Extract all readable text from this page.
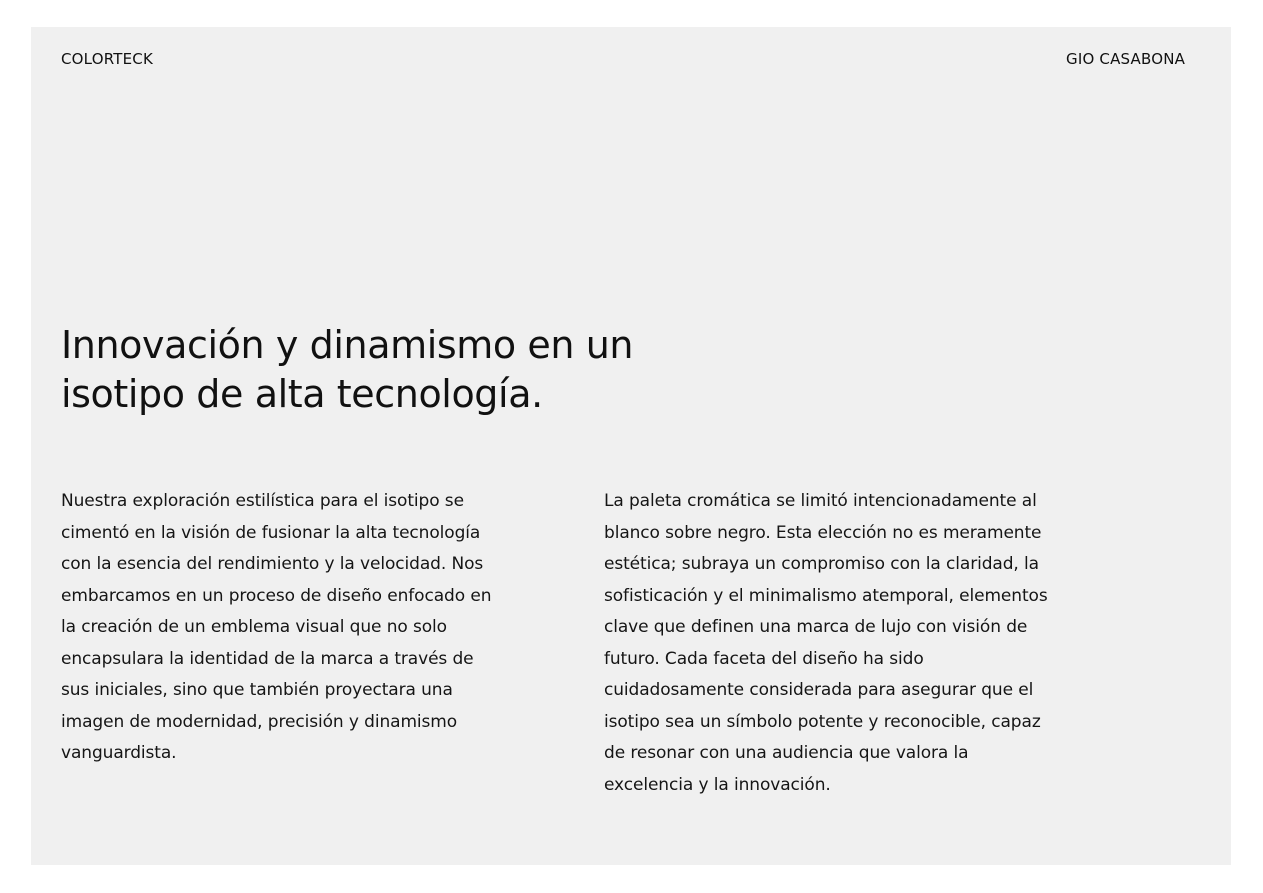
COLORTECK	GIO CASABONA
Innovación y dinamismo en un isotipo de alta tecnología.

Nuestra exploración estilística para el isotipo se cimentó en la visión de fusionar la alta tecnología con la esencia del rendimiento y la velocidad. Nos embarcamos en un proceso de diseño enfocado en la creación de un emblema visual que no solo encapsulara la identidad de la marca a través de sus iniciales, sino que también proyectara una imagen de modernidad, precisión y dinamismo vanguardista.

La paleta cromática se limitó intencionadamente al blanco sobre negro. Esta elección no es meramente estética; subraya un compromiso con la claridad, la sofisticación y el minimalismo atemporal, elementos clave que definen una marca de lujo con visión de futuro. Cada faceta del diseño ha sido cuidadosamente considerada para asegurar que el isotipo sea un símbolo potente y reconocible, capaz de resonar con una audiencia que valora la excelencia y la innovación.
